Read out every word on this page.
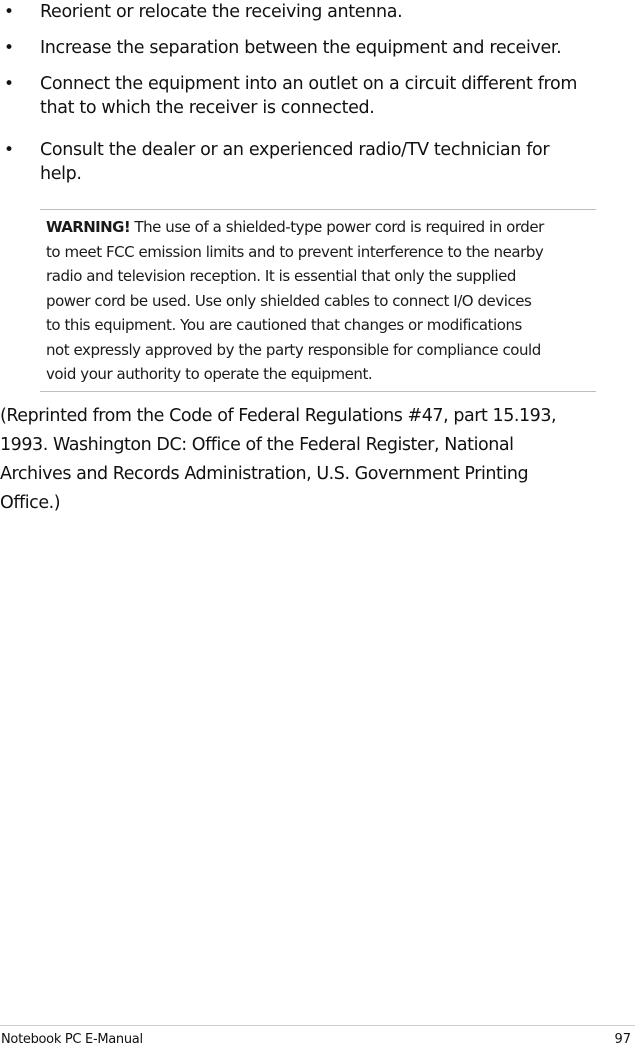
• Reorient or relocate the receiving antenna.
• Increase the separation between the equipment and receiver.
• Connect the equipment into an outlet on a circuit different from
that to which the receiver is connected.
• Consult the dealer or an experienced radio/TV technician for
help.
WARNING! The use of a shielded-type power cord is required in order
to meet FCC emission limits and to prevent interference to the nearby
radio and television reception. It is essential that only the supplied
power cord be used. Use only shielded cables to connect I/O devices
to this equipment. You are cautioned that changes or modifications
not expressly approved by the party responsible for compliance could
void your authority to operate the equipment.
(Reprinted from the Code of Federal Regulations #47, part 15.193,
1993. Washington DC: Office of the Federal Register, National
Archives and Records Administration, U.S. Government Printing
Office.)
Notebook PC E-Manual	97
